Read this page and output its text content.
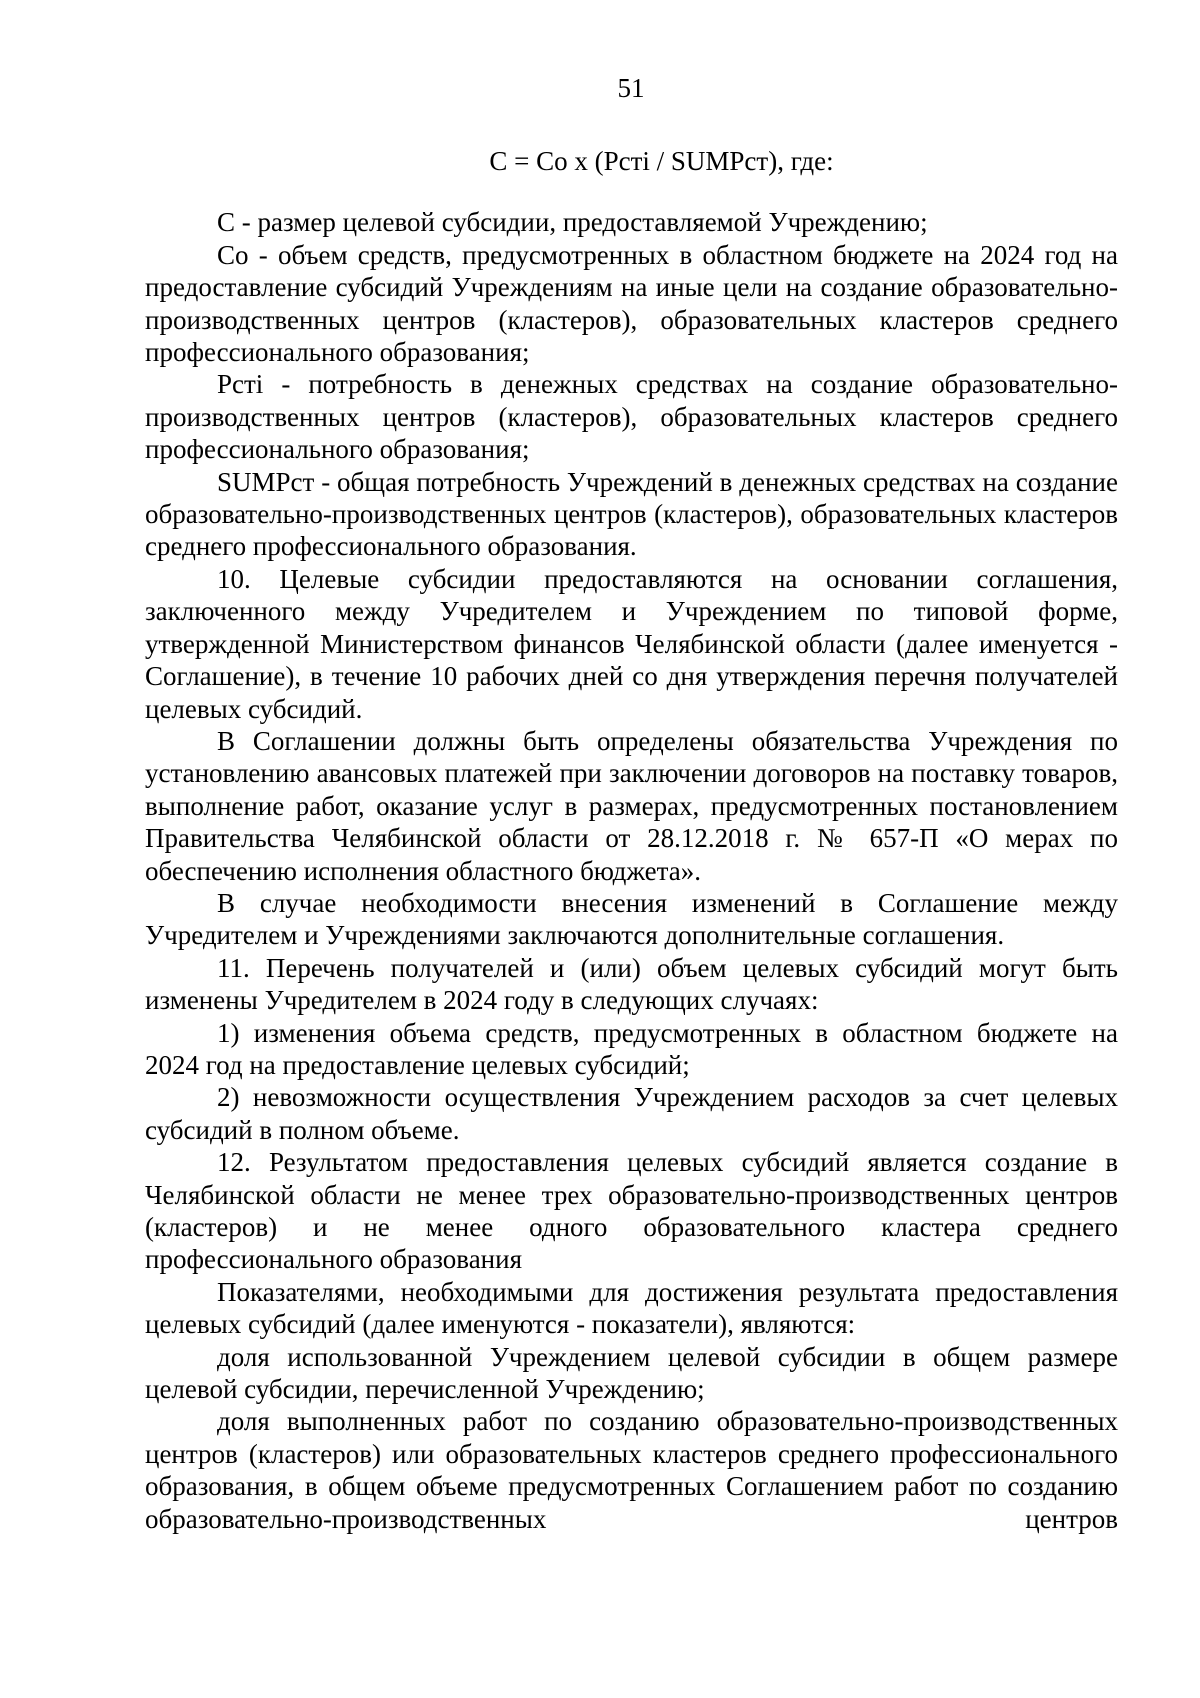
51

C = Co x (Pcтi / SUMPcт), где:

C - размер целевой субсидии, предоставляемой Учреждению;

Co - объем средств, предусмотренных в областном бюджете на 2024 год на предоставление субсидий Учреждениям на иные цели на создание образовательно-производственных центров (кластеров), образовательных кластеров среднего профессионального образования;

Pcтi - потребность в денежных средствах на создание образовательно-производственных центров (кластеров), образовательных кластеров среднего профессионального образования;

SUMPcт - общая потребность Учреждений в денежных средствах на создание образовательно-производственных центров (кластеров), образовательных кластеров среднего профессионального образования.

10. Целевые субсидии предоставляются на основании соглашения, заключенного между Учредителем и Учреждением по типовой форме, утвержденной Министерством финансов Челябинской области (далее именуется - Соглашение), в течение 10 рабочих дней со дня утверждения перечня получателей целевых субсидий.

В Соглашении должны быть определены обязательства Учреждения по установлению авансовых платежей при заключении договоров на поставку товаров, выполнение работ, оказание услуг в размерах, предусмотренных постановлением Правительства Челябинской области от 28.12.2018 г. № 657-П «О мерах по обеспечению исполнения областного бюджета».

В случае необходимости внесения изменений в Соглашение между Учредителем и Учреждениями заключаются дополнительные соглашения.

11. Перечень получателей и (или) объем целевых субсидий могут быть изменены Учредителем в 2024 году в следующих случаях:

1) изменения объема средств, предусмотренных в областном бюджете на 2024 год на предоставление целевых субсидий;

2) невозможности осуществления Учреждением расходов за счет целевых субсидий в полном объеме.

12. Результатом предоставления целевых субсидий является создание в Челябинской области не менее трех образовательно-производственных центров (кластеров) и не менее одного образовательного кластера среднего профессионального образования

Показателями, необходимыми для достижения результата предоставления целевых субсидий (далее именуются - показатели), являются:

доля использованной Учреждением целевой субсидии в общем размере целевой субсидии, перечисленной Учреждению;

доля выполненных работ по созданию образовательно-производственных центров (кластеров) или образовательных кластеров среднего профессионального образования, в общем объеме предусмотренных Соглашением работ по созданию образовательно-производственных центров
